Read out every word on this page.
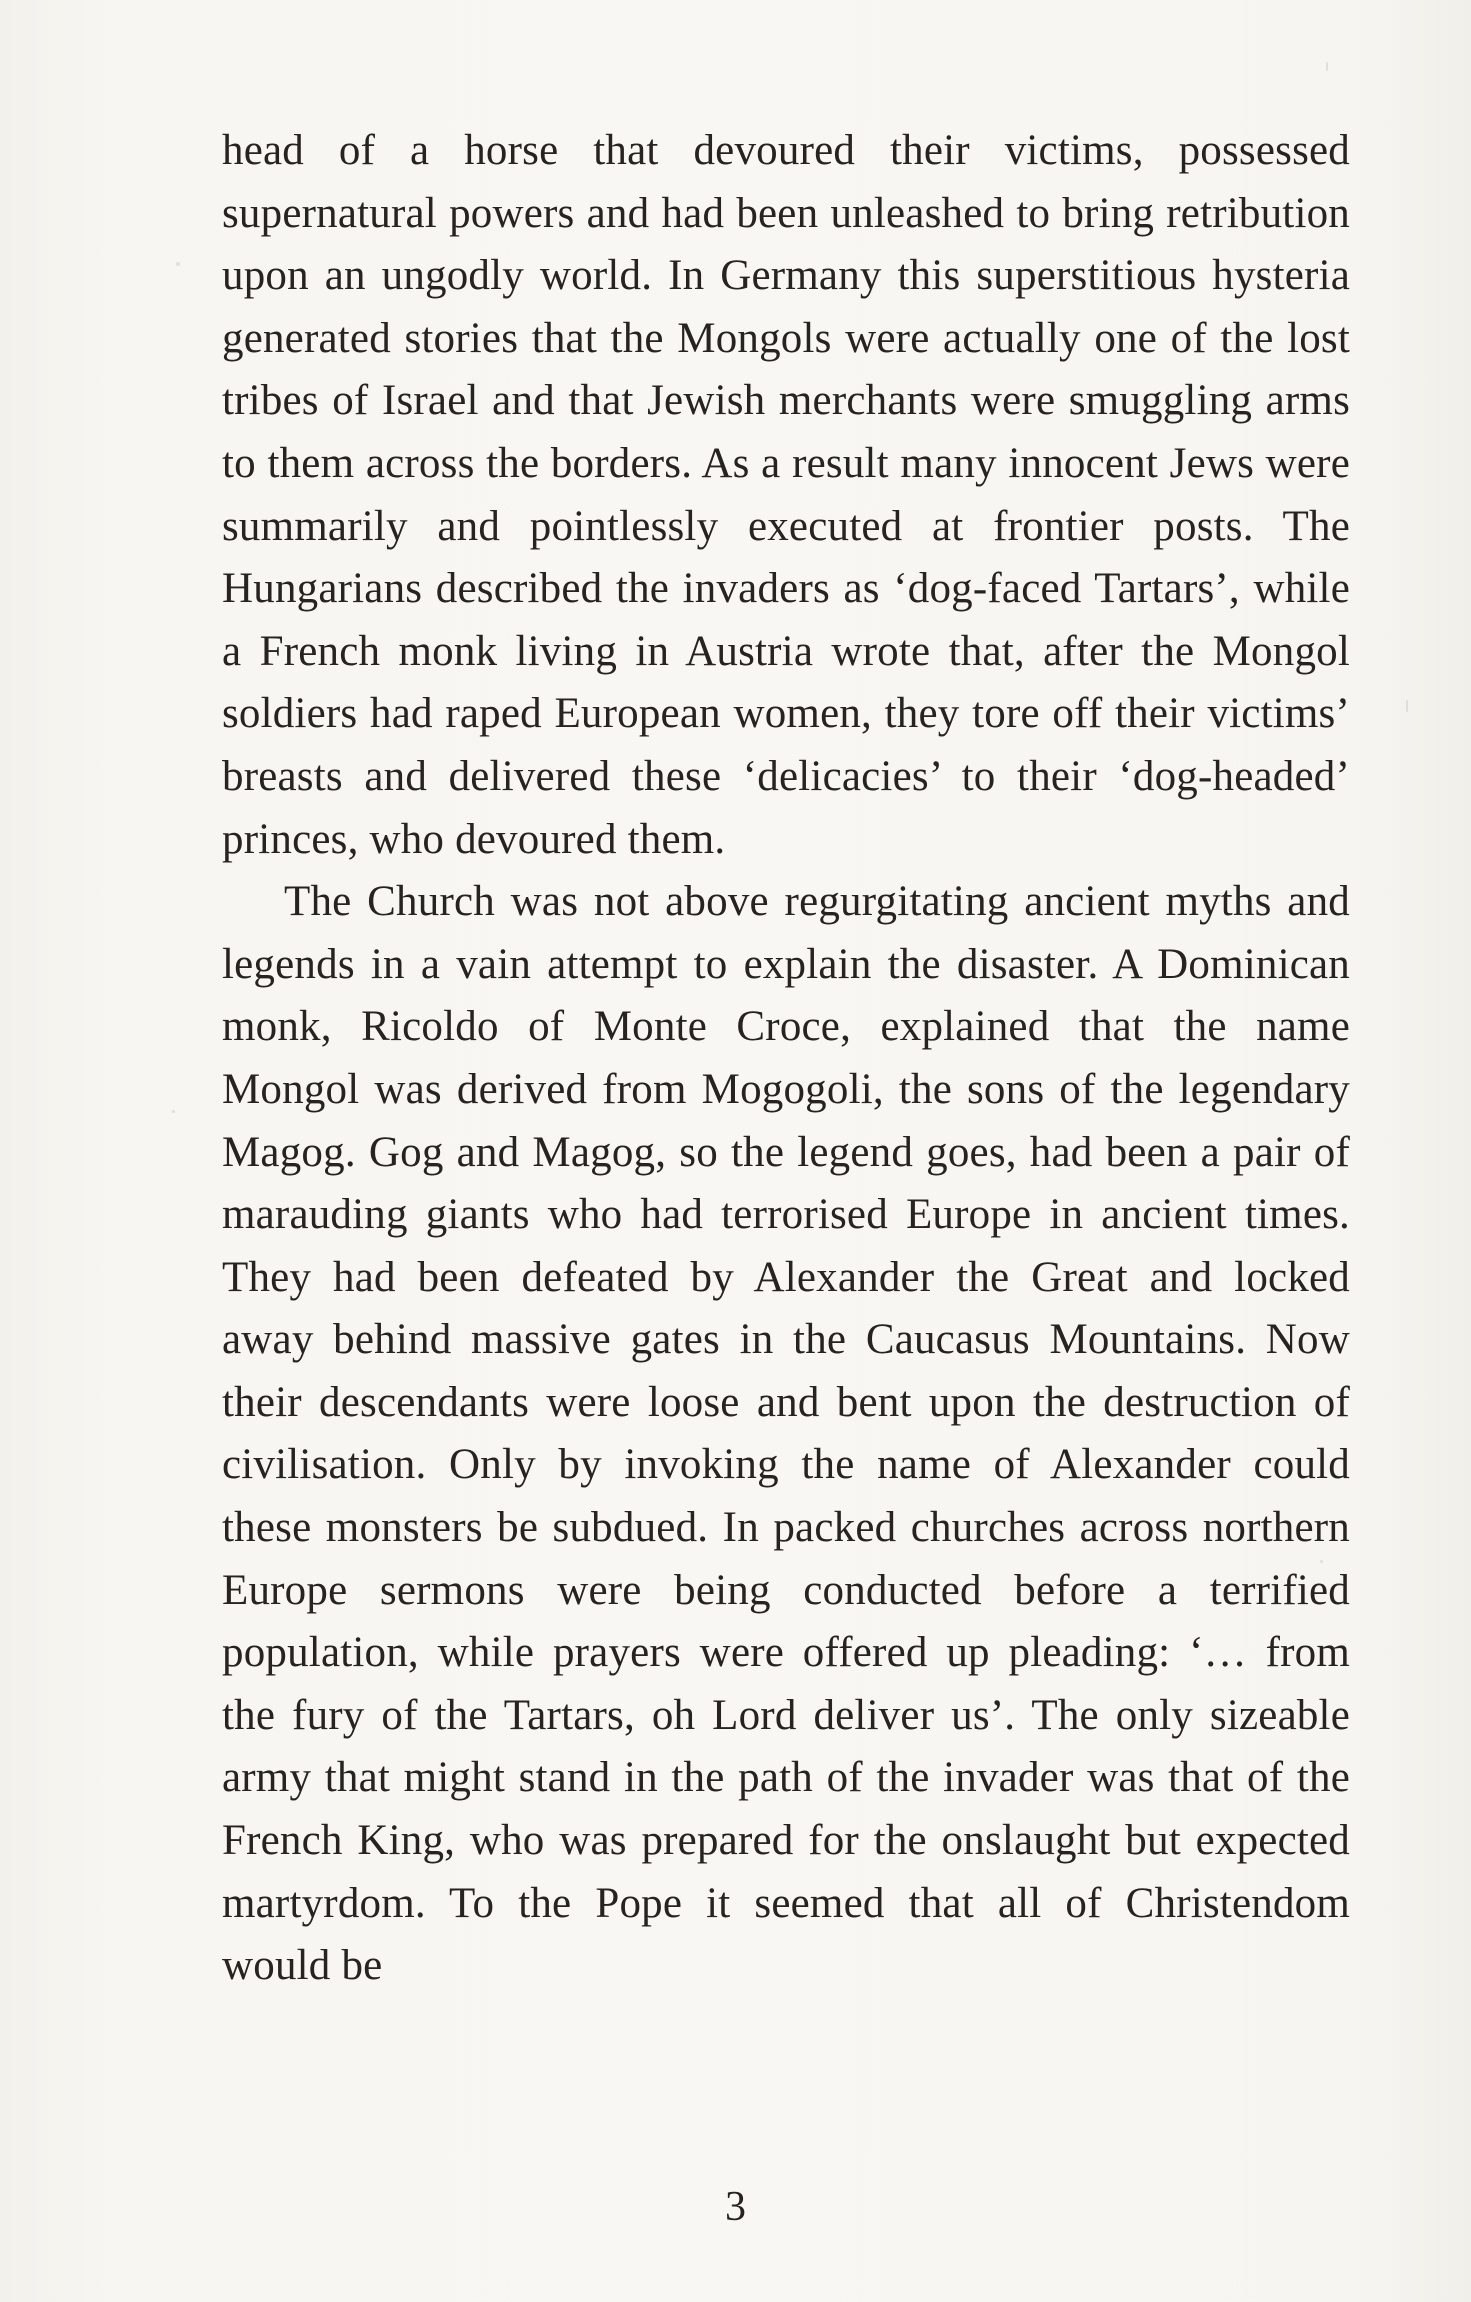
head of a horse that devoured their victims, possessed supernatural powers and had been unleashed to bring retribution upon an ungodly world. In Germany this superstitious hysteria generated stories that the Mongols were actually one of the lost tribes of Israel and that Jewish merchants were smuggling arms to them across the borders. As a result many innocent Jews were summarily and pointlessly executed at frontier posts. The Hungarians described the invaders as ‘dog-faced Tartars’, while a French monk living in Austria wrote that, after the Mongol soldiers had raped European women, they tore off their victims’ breasts and delivered these ‘delicacies’ to their ‘dog-headed’ princes, who devoured them.

The Church was not above regurgitating ancient myths and legends in a vain attempt to explain the disaster. A Dominican monk, Ricoldo of Monte Croce, explained that the name Mongol was derived from Mogogoli, the sons of the legendary Magog. Gog and Magog, so the legend goes, had been a pair of marauding giants who had terrorised Europe in ancient times. They had been defeated by Alexander the Great and locked away behind massive gates in the Caucasus Mountains. Now their descendants were loose and bent upon the destruction of civilisation. Only by invoking the name of Alexander could these monsters be subdued. In packed churches across northern Europe sermons were being conducted before a terrified population, while prayers were offered up pleading: ‘… from the fury of the Tartars, oh Lord deliver us’. The only sizeable army that might stand in the path of the invader was that of the French King, who was prepared for the onslaught but expected martyrdom. To the Pope it seemed that all of Christendom would be

3
